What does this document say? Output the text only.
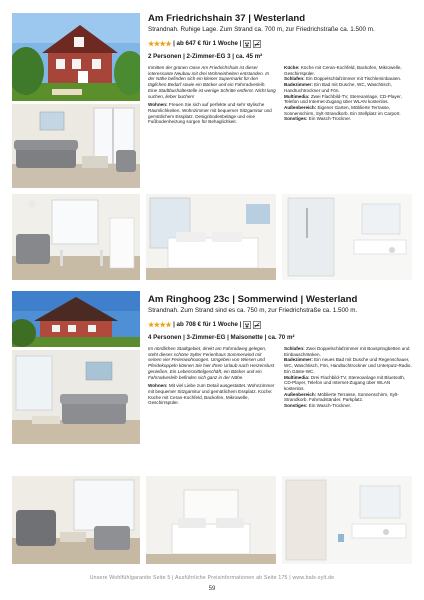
Am Friedrichshain 37 | Westerland
Strandnah. Ruhige Lage. Zum Strand ca. 700 m, zur Friedrichstraße ca. 1.500 m.
★★★★ | ab 647 € für 1 Woche |
2 Personen | 2-Zimmer-EG 3 | ca. 45 m²

Inmitten der grünen Oase Am Friedrichshain ist dieser interessante Neubau mit drei Wohneinheiten entstanden. In der Nähe befinden sich ein kleiner Supermarkt für den täglichen Bedarf sowie ein Bäcker und ein Fahrradverleih. Eine Stadtbushaltestelle ist wenige Schritte entfernt. Nicht lang suchen, lieber buchen!

Wohnen: Freuen Sie sich auf perfekte und sehr stylische Räumlichkeiten. Wohnzimmer mit bequemer Sitzgarnitur und gemütlichem Essplatz. Designbodenbeläge und eine Fußbodenheizung sorgen für Behaglichkeit.

Küche: Küche mit Ceran-Kochfeld, Backofen, Mikrowelle, Geschirrspüler.
Schlafen: Ein Doppelschlafzimmer mit Tischleminbauten.
Badezimmer: Ein Bad mit Dusche, WC, Waschtisch, Handtuchtrockner und Fön.
Multimedia: Zwei Flachbild-TV, Stereoanlage, CD-Player, Telefon und Internet-Zugang über WLAN kostenlos.
Außenbereich: Eigener Garten, Möblierte Terrasse, Sonnenschirm, Sylt-Strandkorb. Ein Stellplatz im Carport.
Sonstiges: Ein Wasch-Trockner.
Am Ringhoog 23c | Sommerwind | Westerland
Strandnah. Zum Strand sind es ca. 750 m, zur Friedrichstraße ca. 1.500 m.
★★★★ | ab 708 € für 1 Woche |
4 Personen | 3-Zimmer-EG | Maisonette | ca. 70 m²

Im nördlichen Stadtgebiet, direkt am Fahrradweg gelegen, steht dieses schöne Sylter Ferienhaus Sommerwind mit seinen vier Ferienwohnungen. Umgeben von Wiesen und Pferdekoppeln können Sie hier Ihren Urlaub nach Herzenslust genießen. Ein Lebensmittelgeschäft, ein Bäcker und ein Fahrradverleih befinden sich ganz in der Nähe.

Wohnen: Mit viel Liebe zum Detail ausgestattet. Wohnzimmer mit bequemer Sitzgarnitur und gemütlichem Essplatz. Küche: Küche mit Ceran-Kochfeld, Backofen, Mikrowelle, Geschirrspüler.

Schlafen: Zwei Doppelschlafzimmer mit Boxspringbetten und Einbauschränken.
Badezimmer: Ein neues Bad mit Dusche und Regenschauer, WC, Waschtisch, Fön, Handtuchtrockner und Unterputz-Radio. Ein Gäste-WC.
Multimedia: Drei Flachbild-TV, Stereoanlage mit Bluetooth, CD-Player, Telefon und Internet-Zugang über WLAN kostenlos.
Außenbereich: Möblierte Terrasse, Sonnenschirm, Sylt-Strandkorb. Fahrradständer. Parkplatz.
Sonstiges: Ein Wasch-Trockner.
Unsere Wohlfühlgarantie Seite 5 | Ausführliche Preisinformationen ab Seite 175 | www.bals-sylt.de
59
